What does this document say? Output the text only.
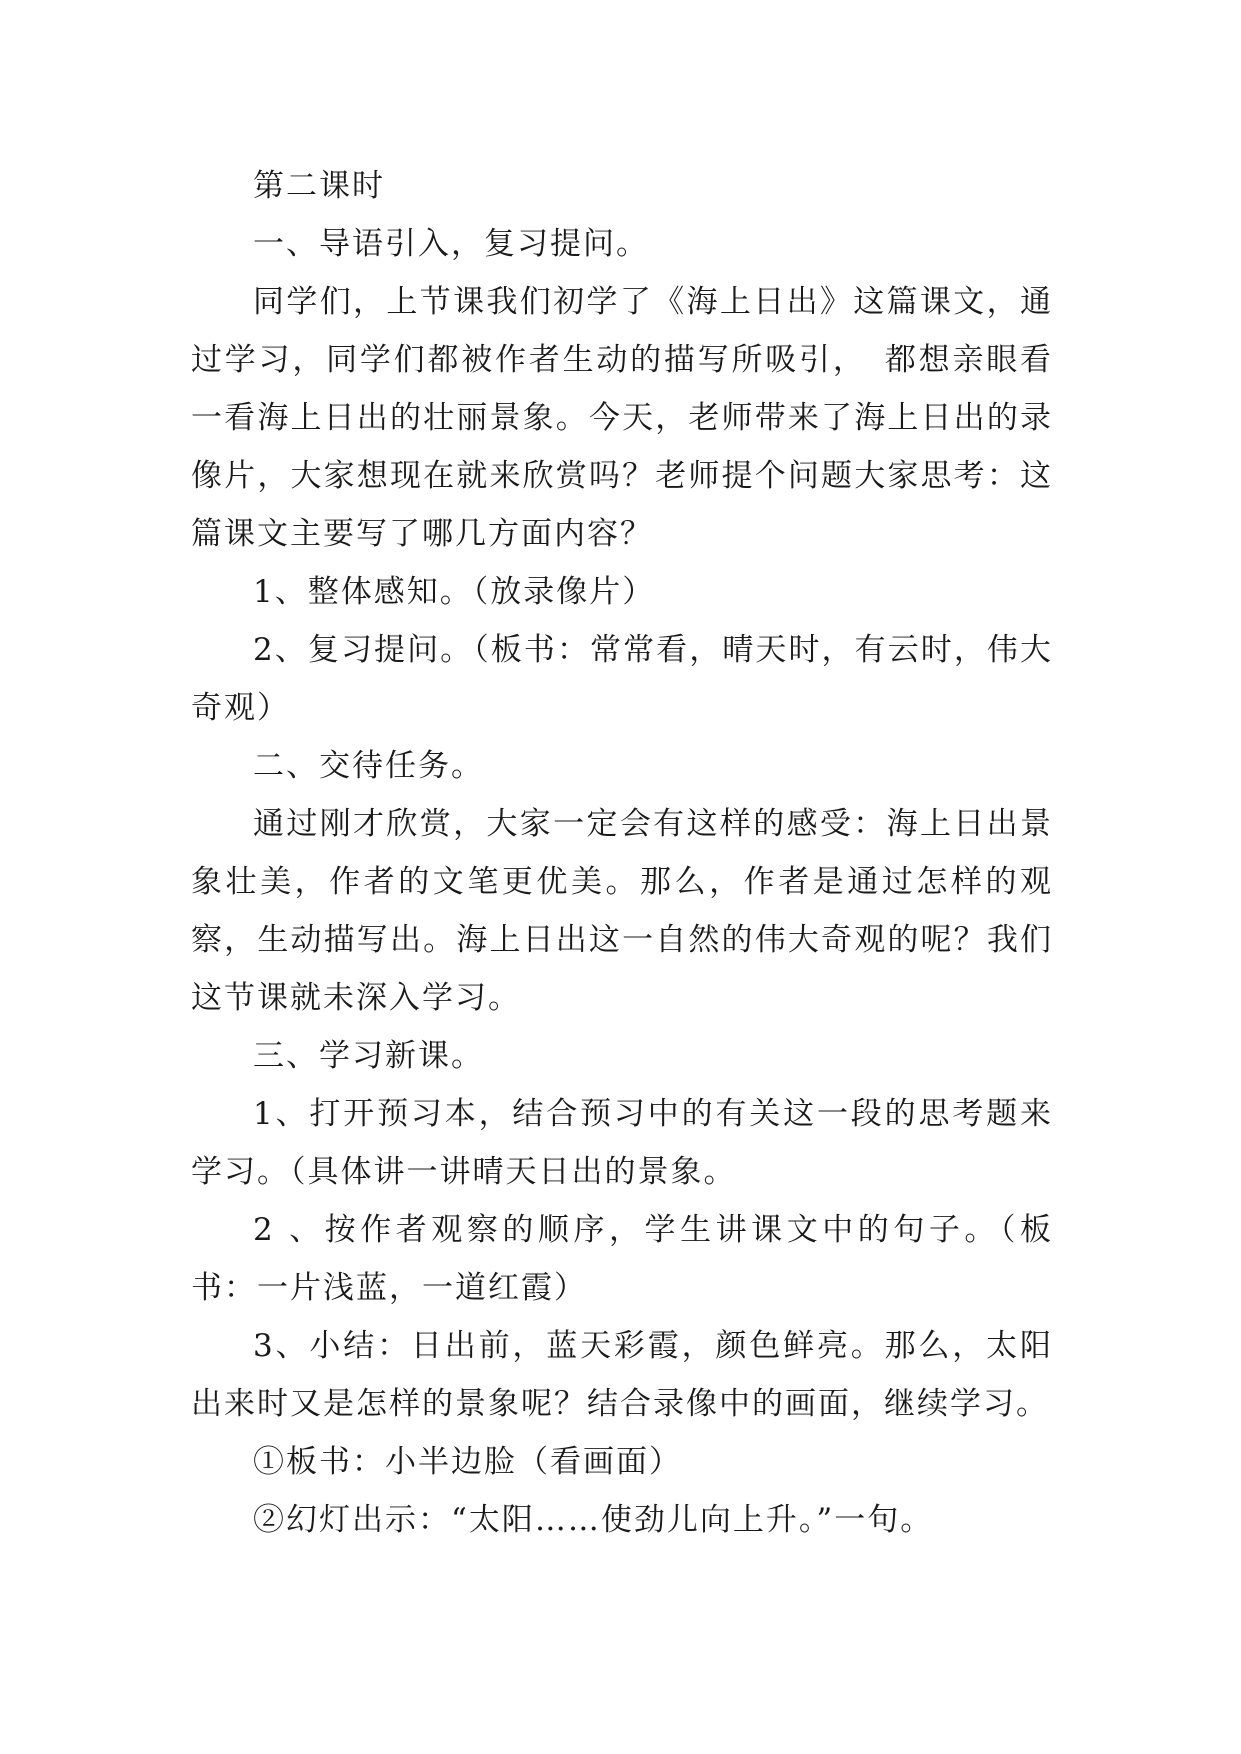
第二课时

一、导语引入，复习提问。

同学们，上节课我们初学了《海上日出》这篇课文，通过学习，同学们都被作者生动的描写所吸引，　都想亲眼看一看海上日出的壮丽景象。今天，老师带来了海上日出的录像片，大家想现在就来欣赏吗？老师提个问题大家思考：这篇课文主要写了哪几方面内容？

1、整体感知。（放录像片）

2、复习提问。（板书：常常看，晴天时，有云时，伟大奇观）

二、交待任务。

通过刚才欣赏，大家一定会有这样的感受：海上日出景象壮美，作者的文笔更优美。那么，作者是通过怎样的观察，生动描写出。海上日出这一自然的伟大奇观的呢？我们这节课就未深入学习。

三、学习新课。

1、打开预习本，结合预习中的有关这一段的思考题来学习。（具体讲一讲晴天日出的景象。

2 、按作者观察的顺序，学生讲课文中的句子。（板书：一片浅蓝，一道红霞）

3、小结：日出前，蓝天彩霞，颜色鲜亮。那么，太阳出来时又是怎样的景象呢？结合录像中的画面，继续学习。

①板书：小半边脸（看画面）

②幻灯出示：“太阳……使劲儿向上升。”一句。
